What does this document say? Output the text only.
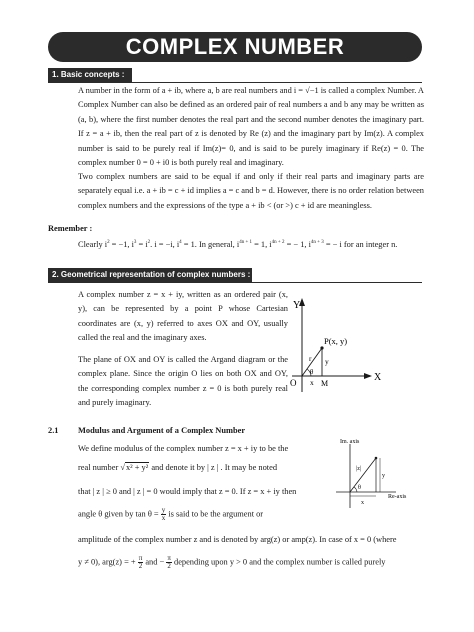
COMPLEX NUMBER
1. Basic concepts :

A number in the form of a + ib, where a, b are real numbers and i = √−1 is called a complex Number. A Complex Number can also be defined as an ordered pair of real numbers a and b any may be written as (a, b), where the first number denotes the real part and the second number denotes the imaginary part. If z = a + ib, then the real part of z is denoted by Re (z) and the imaginary part by Im(z). A complex number is said to be purely real if Im(z)= 0, and is said to be purely imaginary if Re(z) = 0. The complex number 0 = 0 + i0 is both purely real and imaginary.

Two complex numbers are said to be equal if and only if their real parts and imaginary parts are separately equal i.e. a + ib = c + id implies a = c and b = d. However, there is no order relation between complex numbers and the expressions of the type a + ib < (or >) c + id are meaningless.

Remember :
Clearly $i^2 = -1$, $i^3 = i^2$. i = −i, $i^4 = 1$. In general, $i^{4n + 1} = 1$, $i^{4n + 2}$ = − 1, $i^{4n + 3}$ = − i for an integer n.
2. Geometrical representation of complex numbers :

A complex number z = x + iy, written as an ordered pair (x, y), can be represented by a point P whose Cartesian coordinates are (x, y) referred to axes OX and OY, usually called the real and the imaginary axes.

The plane of OX and OY is called the Argand diagram or the complex plane. Since the origin O lies on both OX and OY, the corresponding complex number z = 0 is both purely real and purely imaginary.

Y
X
P(x, y)
O	M
x
y
r
θ
2.1 Modulus and Argument of a Complex Number
We define modulus of the complex number z = x + iy to be the
real number √x² + y² and denote it by | z | . It may be noted
that | z | ≥ 0 and | z | = 0 would imply that z = 0. If z = x + iy then
angle θ given by $\tan \theta = \frac{y}{x}$ is said to be the argument or
amplitude of the complex number z and is denoted by arg(z) or amp(z). In case of x = 0 (where
y ≠ 0), arg(z) = + $\frac{\pi}{2}$ and − $\frac{\pi}{2}$ depending upon y > 0 and the complex number is called purely
Im. axis
Re-axis
|z|
y
x
θ
